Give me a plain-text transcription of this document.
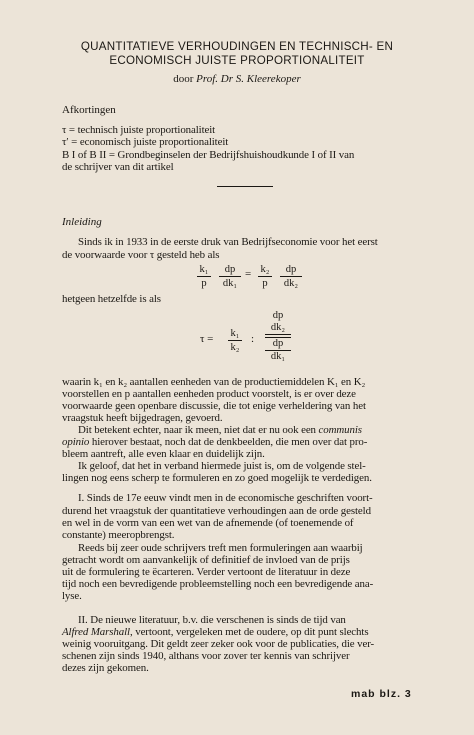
QUANTITATIEVE VERHOUDINGEN EN TECHNISCH- EN
ECONOMISCH JUISTE PROPORTIONALITEIT
door Prof. Dr S. Kleerekoper
Afkortingen
τ = technisch juiste proportionaliteit
τ′ = economisch juiste proportionaliteit
B I of B II = Grondbeginselen der Bedrijfshuishoudkunde I of II van
de schrijver van dit artikel
Inleiding
Sinds ik in 1933 in de eerste druk van Bedrijfseconomie voor het eerst
de voorwaarde voor τ gesteld heb als
$\frac{\text{k₁}}{p} \frac{dp}{\text{dk₁}} = \frac{\text{k₂}}{p} \frac{dp}{\text{dk₂}}$
hetgeen hetzelfde is als
$\tau = \frac{\text{k₁}}{\text{k₂}}$ :
dp
dk₂
dp
dk₁
waarin k₁ en k₂ aantallen eenheden van de productiemiddelen K₁ en K₂
voorstellen en p aantallen eenheden product voorstelt, is er over deze
voorwaarde geen openbare discussie, die tot enige verheldering van het
vraagstuk heeft bijgedragen, gevoerd.
Dit betekent echter, naar ik meen, niet dat er nu ook een communis
opinio hierover bestaat, noch dat de denkbeelden, die men over dat pro-
bleem aantreft, alle even klaar en duidelijk zijn.
Ik geloof, dat het in verband hiermede juist is, om de volgende stel-
lingen nog eens scherp te formuleren en zo goed mogelijk te verdedigen.
I. Sinds de 17e eeuw vindt men in de economische geschriften voort-
durend het vraagstuk der quantitatieve verhoudingen aan de orde gesteld
en wel in de vorm van een wet van de afnemende (of toenemende of
constante) meeropbrengst.
Reeds bij zeer oude schrijvers treft men formuleringen aan waarbij
getracht wordt om aanvankelijk of definitief de invloed van de prijs
uit de formulering te ëcarteren. Verder vertoont de literatuur in deze
tijd noch een bevredigende probleemstelling noch een bevredigende ana-
lyse.
II. De nieuwe literatuur, b.v. die verschenen is sinds de tijd van
Alfred Marshall, vertoont, vergeleken met de oudere, op dit punt slechts
weinig vooruitgang. Dit geldt zeer zeker ook voor de publicaties, die ver-
schenen zijn sinds 1940, althans voor zover ter kennis van schrijver
dezes zijn gekomen.
mab blz. 3
